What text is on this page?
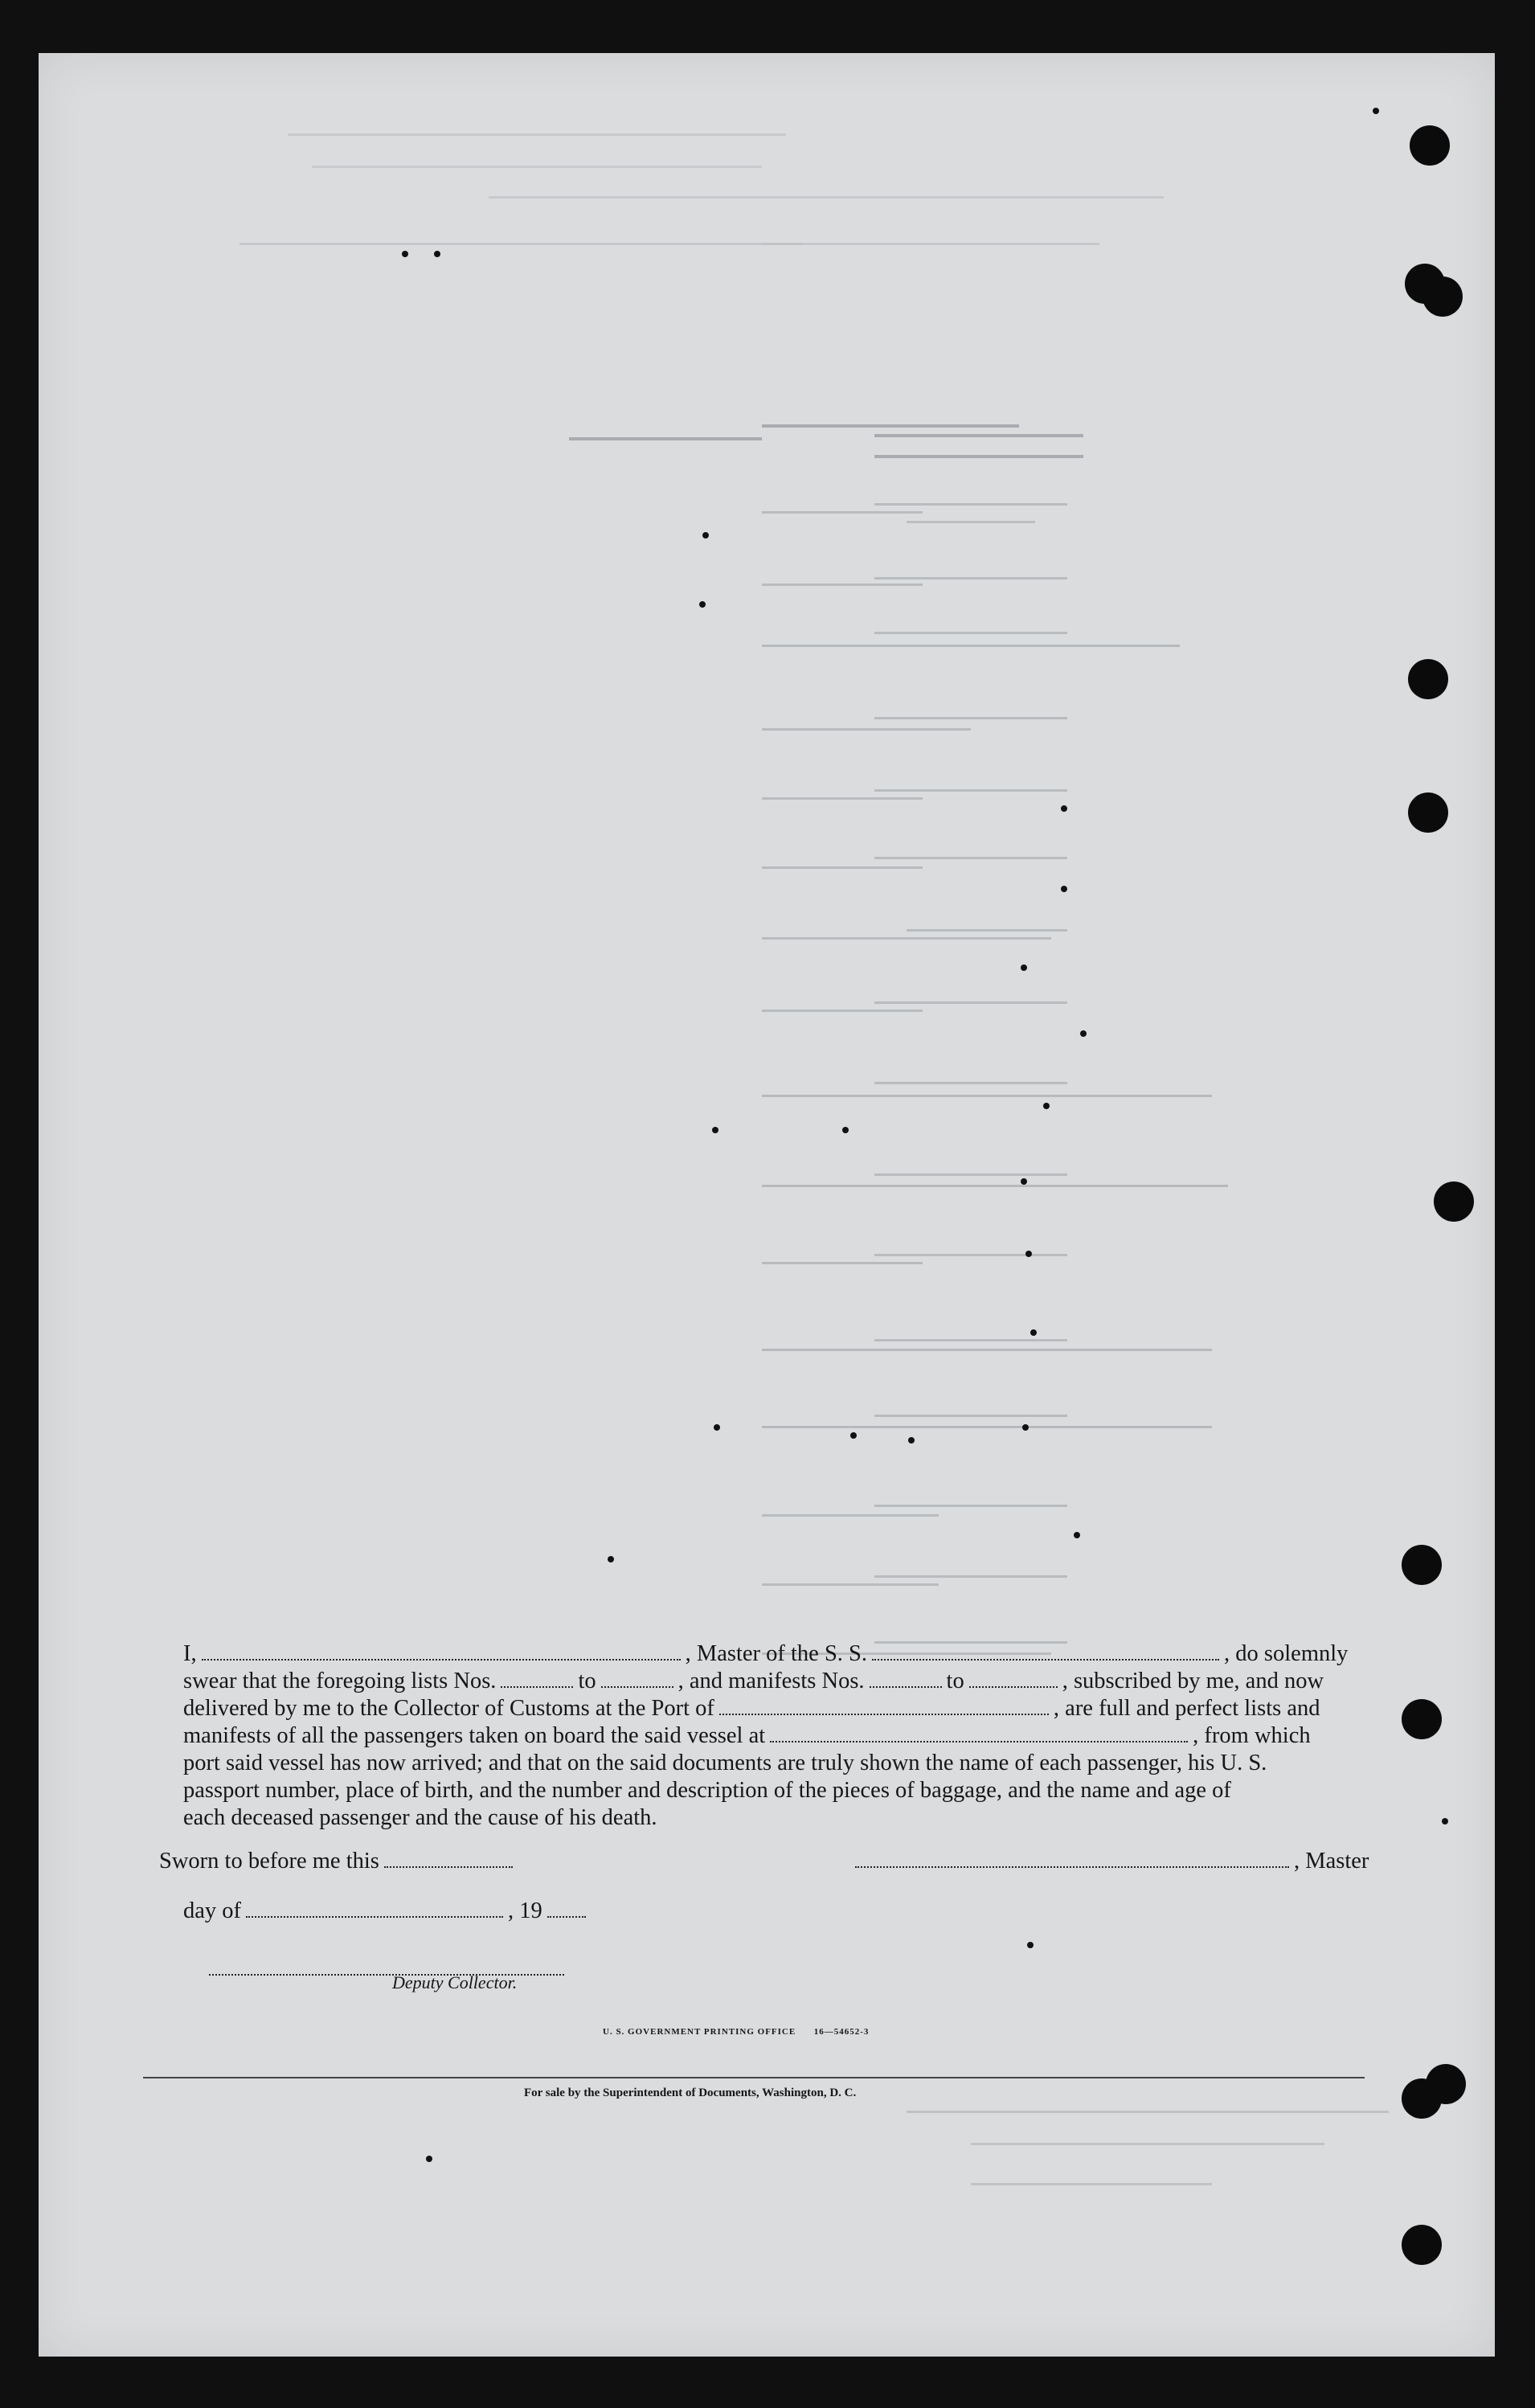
I,	, Master of the S. S.	, do solemnly
swear that the foregoing lists Nos.	to	, and manifests Nos.	to	, subscribed by me, and now
delivered by me to the Collector of Customs at the Port of	, are full and perfect lists and
manifests of all the passengers taken on board the said vessel at	, from which
port said vessel has now arrived; and that on the said documents are truly shown the name of each passenger, his U. S.
passport number, place of birth, and the number and description of the pieces of baggage, and the name and age of
each deceased passenger and the cause of his death.
Sworn to before me this	, Master
day of	, 19
Deputy Collector.
U. S. GOVERNMENT PRINTING OFFICE 16—54652-3
For sale by the Superintendent of Documents, Washington, D. C.
